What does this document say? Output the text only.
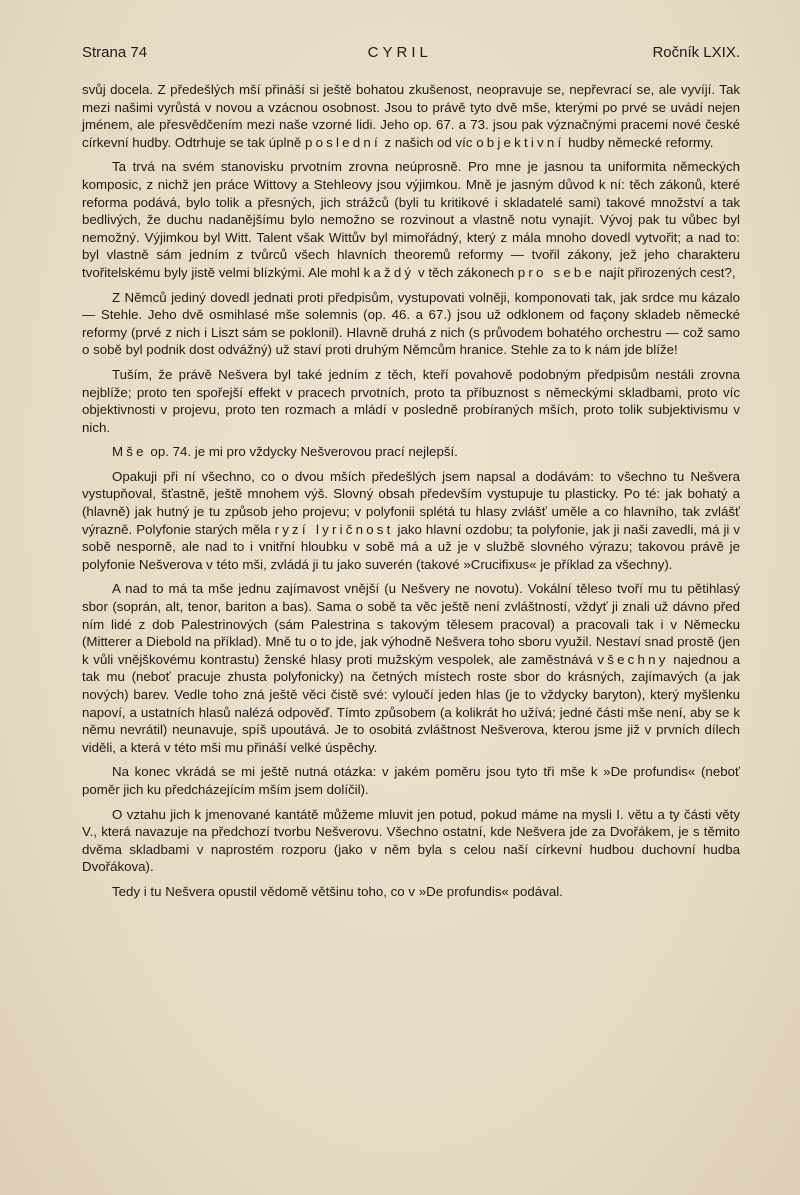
Strana 74	CYRIL	Ročník LXIX.

svůj docela. Z předešlých mší přináší si ještě bohatou zkušenost, neopravuje se, nepřevrací se, ale vyvíjí. Tak mezi našimi vyrůstá v novou a vzácnou osobnost. Jsou to právě tyto dvě mše, kterými po prvé se uvádí nejen jménem, ale přesvědčením mezi naše vzorné lidi. Jeho op. 67. a 73. jsou pak význačnými pracemi nové české církevní hudby. Odtrhuje se tak úplně poslední z našich od víc objektivní hudby německé reformy.

Ta trvá na svém stanovisku prvotním zrovna neúprosně. Pro mne je jasnou ta uniformita německých komposic, z nichž jen práce Wittovy a Stehleovy jsou výjimkou. Mně je jasným důvod k ní: těch zákonů, které reforma podává, bylo tolik a přesných, jich strážců (byli tu kritikové i skladatelé sami) takové množství a tak bedlivých, že duchu nadanějšímu bylo nemožno se rozvinout a vlastně notu vynajít. Vývoj pak tu vůbec byl nemožný. Výjimkou byl Witt. Talent však Wittův byl mimořádný, který z mála mnoho dovedl vytvořit; a nad to: byl vlastně sám jedním z tvůrců všech hlavních theoremů reformy — tvořil zákony, jež jeho charakteru tvořitelskému byly jistě velmi blízkými. Ale mohl každý v těch zákonech pro sebe najít přirozených cest?,

Z Němců jediný dovedl jednati proti předpisům, vystupovati volněji, komponovati tak, jak srdce mu kázalo — Stehle. Jeho dvě osmihlasé mše solemnis (op. 46. a 67.) jsou už odklonem od façony skladeb německé reformy (prvé z nich i Liszt sám se poklonil). Hlavně druhá z nich (s průvodem bohatého orchestru — což samo o sobě byl podnik dost odvážný) už staví proti druhým Němcům hranice. Stehle za to k nám jde blíže!

Tuším, že právě Nešvera byl také jedním z těch, kteří povahově podobným předpisům nestáli zrovna nejblíže; proto ten spořejší effekt v pracech prvotních, proto ta příbuznost s německými skladbami, proto víc objektivnosti v projevu, proto ten rozmach a mládí v posledně probíraných mších, proto tolik subjektivismu v nich.

Mše op. 74. je mi pro vždycky Nešverovou prací nejlepší.

Opakuji při ní všechno, co o dvou mších předešlých jsem napsal a dodávám: to všechno tu Nešvera vystupňoval, šťastně, ještě mnohem výš. Slovný obsah především vystupuje tu plasticky. Po té: jak bohatý a (hlavně) jak hutný je tu způsob jeho projevu; v polyfonii splétá tu hlasy zvlášť uměle a co hlavního, tak zvlášť výrazně. Polyfonie starých měla ryzí lyričnost jako hlavní ozdobu; ta polyfonie, jak ji naši zavedli, má ji v sobě nesporně, ale nad to i vnitřní hloubku v sobě má a už je v službě slovného výrazu; takovou právě je polyfonie Nešverova v této mši, zvládá ji tu jako suverén (takové »Crucifixus« je příklad za všechny).

A nad to má ta mše jednu zajímavost vnější (u Nešvery ne novotu). Vokální těleso tvoří mu tu pětihlasý sbor (soprán, alt, tenor, bariton a bas). Sama o sobě ta věc ještě není zvláštností, vždyť ji znali už dávno před ním lidé z dob Palestrinových (sám Palestrina s takovým tělesem pracoval) a pracovali tak i v Německu (Mitterer a Diebold na příklad). Mně tu o to jde, jak výhodně Nešvera toho sboru využil. Nestaví snad prostě (jen k vůli vnějškovému kontrastu) ženské hlasy proti mužským vespolek, ale zaměstnává všechny najednou a tak mu (neboť pracuje zhusta polyfonicky) na četných místech roste sbor do krásných, zajímavých (a jak nových) barev. Vedle toho zná ještě věci čistě své: vyloučí jeden hlas (je to vždycky baryton), který myšlenku napoví, a ustatních hlasů nalézá odpověď. Tímto způsobem (a kolikrát ho užívá; jedné části mše není, aby se k němu nevrátil) neunavuje, spíš upoutává. Je to osobitá zvláštnost Nešverova, kterou jsme již v prvních dílech viděli, a která v této mši mu přináší velké úspěchy.

Na konec vkrádá se mi ještě nutná otázka: v jakém poměru jsou tyto tři mše k »De profundis« (neboť poměr jich ku předcházejícím mším jsem dolíčil).

O vztahu jich k jmenované kantátě můžeme mluvit jen potud, pokud máme na mysli I. větu a ty části věty V., která navazuje na předchozí tvorbu Nešverovu. Všechno ostatní, kde Nešvera jde za Dvořákem, je s těmito dvěma skladbami v naprostém rozporu (jako v něm byla s celou naší církevní hudbou duchovní hudba Dvořákova).

Tedy i tu Nešvera opustil vědomě většinu toho, co v »De profundis« podával.
